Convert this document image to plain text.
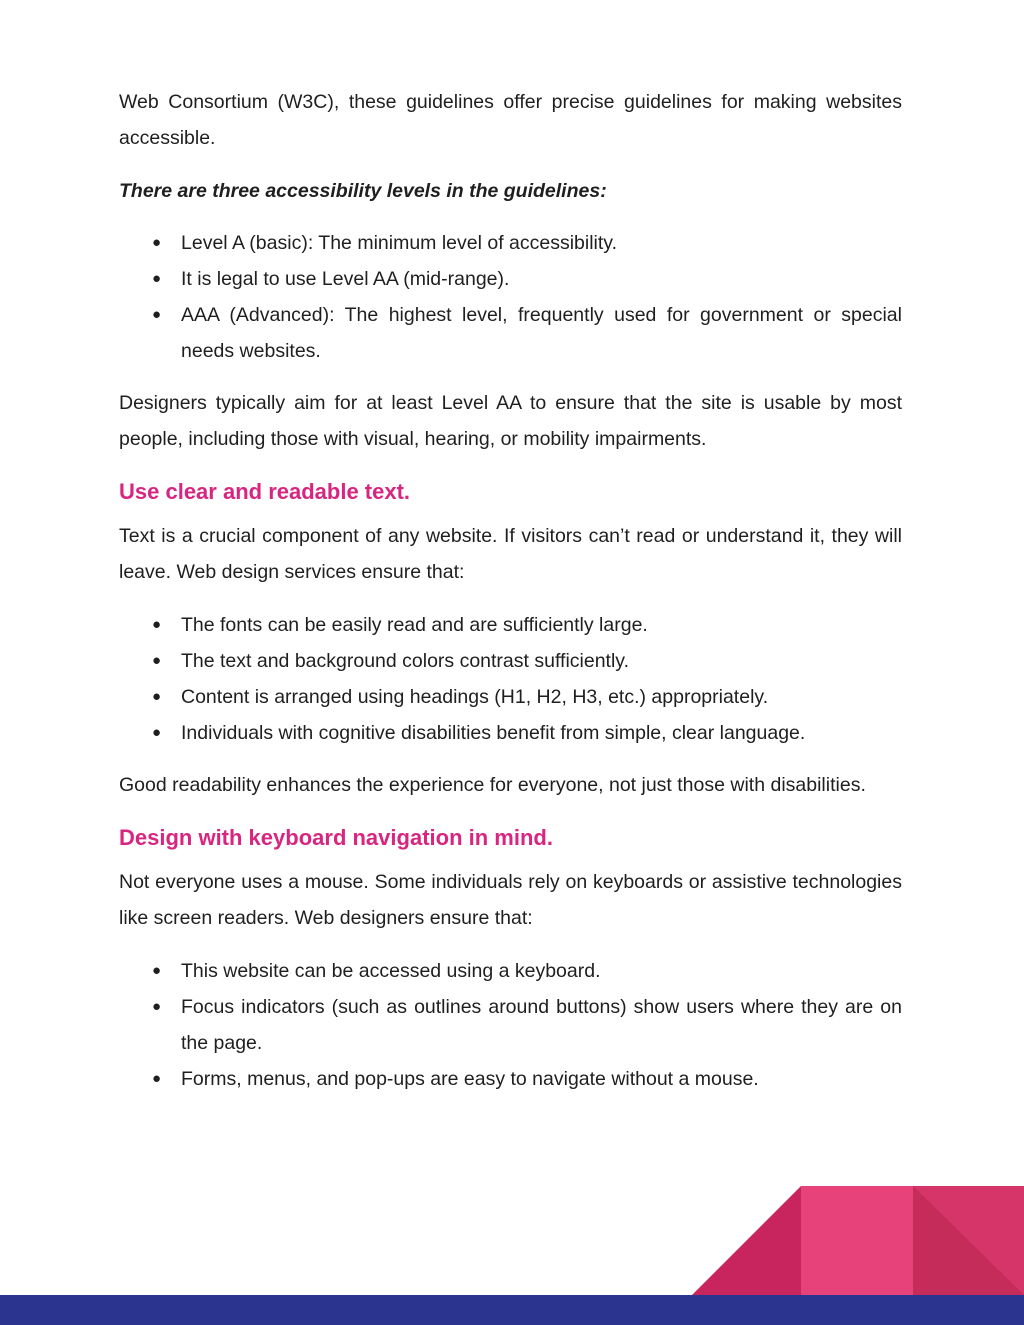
Web Consortium (W3C), these guidelines offer precise guidelines for making websites accessible.

There are three accessibility levels in the guidelines:

● Level A (basic): The minimum level of accessibility.
● It is legal to use Level AA (mid-range).
● AAA (Advanced): The highest level, frequently used for government or special needs websites.

Designers typically aim for at least Level AA to ensure that the site is usable by most people, including those with visual, hearing, or mobility impairments.

Use clear and readable text.

Text is a crucial component of any website. If visitors can’t read or understand it, they will leave. Web design services ensure that:

● The fonts can be easily read and are sufficiently large.
● The text and background colors contrast sufficiently.
● Content is arranged using headings (H1, H2, H3, etc.) appropriately.
● Individuals with cognitive disabilities benefit from simple, clear language.

Good readability enhances the experience for everyone, not just those with disabilities.

Design with keyboard navigation in mind.

Not everyone uses a mouse. Some individuals rely on keyboards or assistive technologies like screen readers. Web designers ensure that:

● This website can be accessed using a keyboard.
● Focus indicators (such as outlines around buttons) show users where they are on the page.
● Forms, menus, and pop-ups are easy to navigate without a mouse.
